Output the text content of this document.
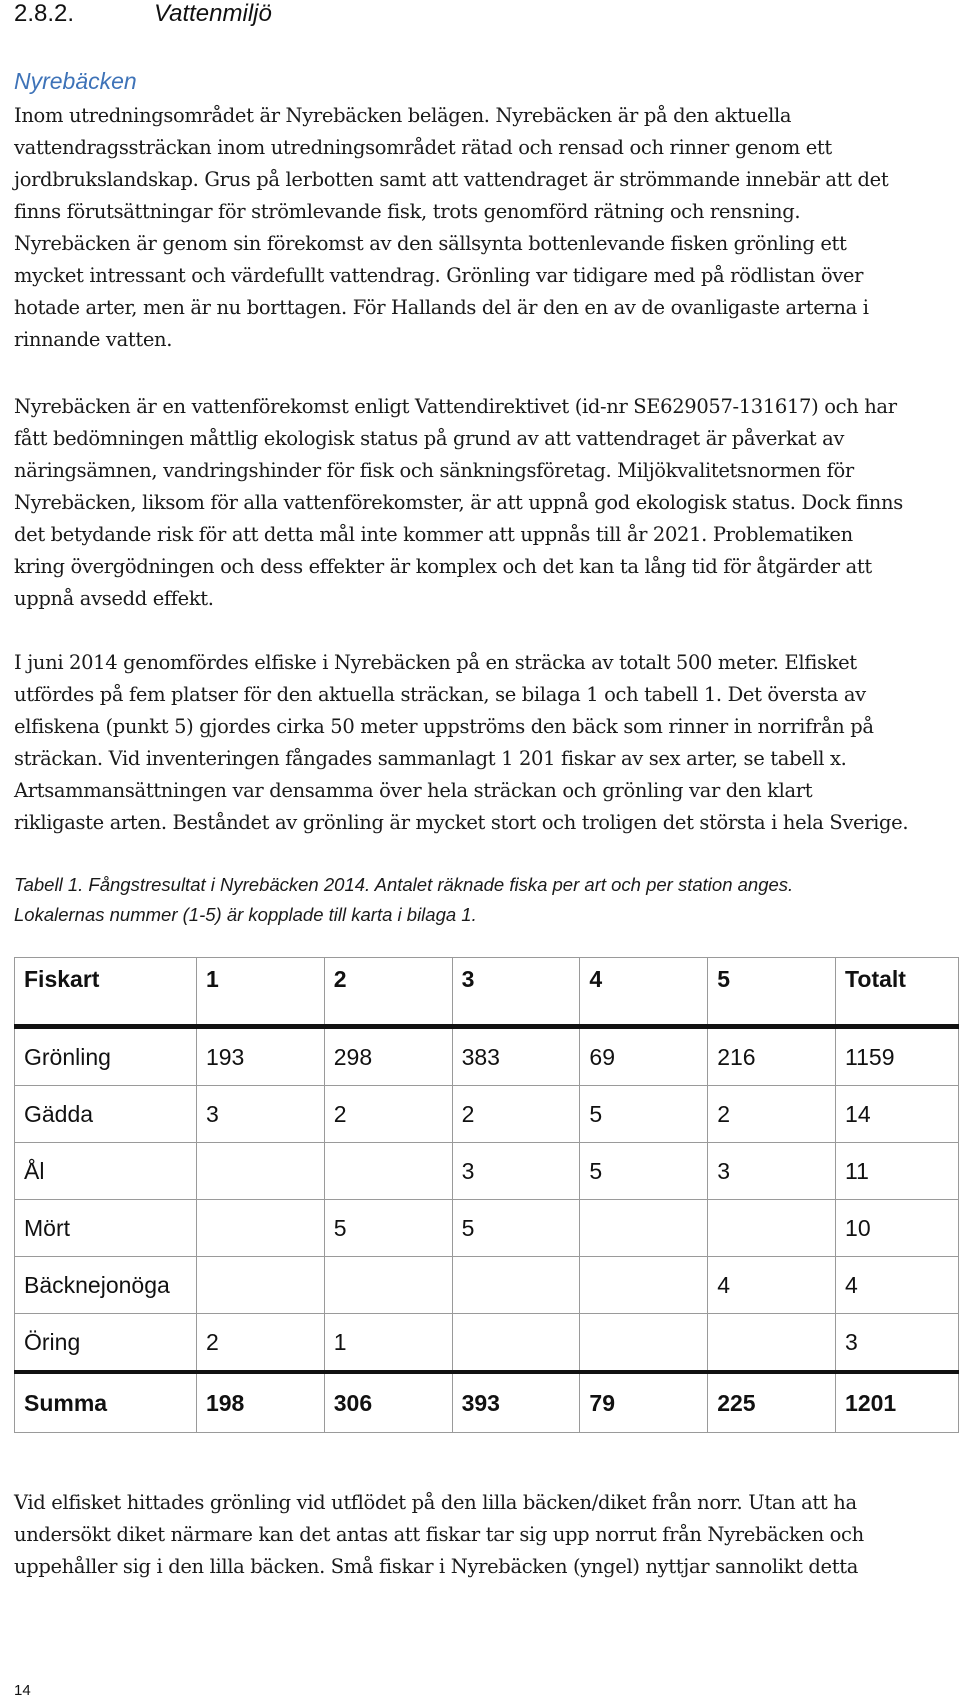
2.8.2.	Vattenmiljö
Nyrebäcken
Inom utredningsområdet är Nyrebäcken belägen. Nyrebäcken är på den aktuella
vattendragssträckan inom utredningsområdet rätad och rensad och rinner genom ett
jordbrukslandskap. Grus på lerbotten samt att vattendraget är strömmande innebär att det
finns förutsättningar för strömlevande fisk, trots genomförd rätning och rensning.
Nyrebäcken är genom sin förekomst av den sällsynta bottenlevande fisken grönling ett
mycket intressant och värdefullt vattendrag. Grönling var tidigare med på rödlistan över
hotade arter, men är nu borttagen. För Hallands del är den en av de ovanligaste arterna i
rinnande vatten.
Nyrebäcken är en vattenförekomst enligt Vattendirektivet (id-nr SE629057-131617) och har
fått bedömningen måttlig ekologisk status på grund av att vattendraget är påverkat av
näringsämnen, vandringshinder för fisk och sänkningsföretag. Miljökvalitetsnormen för
Nyrebäcken, liksom för alla vattenförekomster, är att uppnå god ekologisk status. Dock finns
det betydande risk för att detta mål inte kommer att uppnås till år 2021. Problematiken
kring övergödningen och dess effekter är komplex och det kan ta lång tid för åtgärder att
uppnå avsedd effekt.
I juni 2014 genomfördes elfiske i Nyrebäcken på en sträcka av totalt 500 meter. Elfisket
utfördes på fem platser för den aktuella sträckan, se bilaga 1 och tabell 1. Det översta av
elfiskena (punkt 5) gjordes cirka 50 meter uppströms den bäck som rinner in norrifrån på
sträckan. Vid inventeringen fångades sammanlagt 1 201 fiskar av sex arter, se tabell x.
Artsammansättningen var densamma över hela sträckan och grönling var den klart
rikligaste arten. Beståndet av grönling är mycket stort och troligen det största i hela Sverige.
Tabell 1. Fångstresultat i Nyrebäcken 2014. Antalet räknade fiska per art och per station anges.
Lokalernas nummer (1-5) är kopplade till karta i bilaga 1.
Fiskart	1	2	3	4	5	Totalt
Grönling	193	298	383	69	216	1159
Gädda	3	2	2	5	2	14
Ål			3	5	3	11
Mört		5	5			10
Bäcknejonöga					4	4
Öring	2	1				3
Summa	198	306	393	79	225	1201
Vid elfisket hittades grönling vid utflödet på den lilla bäcken/diket från norr. Utan att ha
undersökt diket närmare kan det antas att fiskar tar sig upp norrut från Nyrebäcken och
uppehåller sig i den lilla bäcken. Små fiskar i Nyrebäcken (yngel) nyttjar sannolikt detta
14
